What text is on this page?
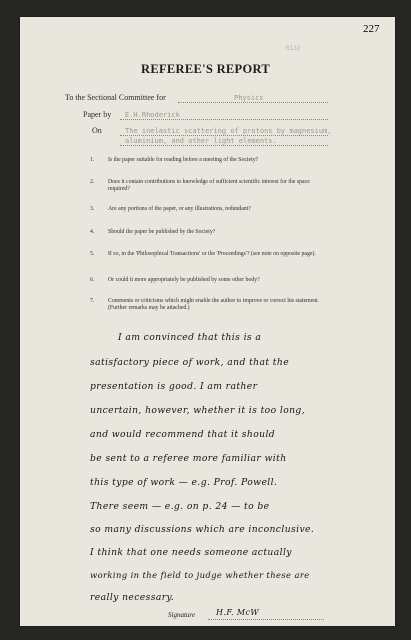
227
R132
REFEREE'S REPORT
To the Sectional Committee for	Physics
Paper by E.H.Rhoderick
On	The inelastic scattering of protons by magnesium,
aluminium, and other light elements.
1. Is the paper suitable for reading before a meeting of the Society?
2. Does it contain contributions to knowledge of sufficient scientific interest for the space required?
3. Are any portions of the paper, or any illustrations, redundant?
4. Should the paper be published by the Society?
5. If so, in the 'Philosophical Transactions' or the 'Proceedings'? (see note on opposite page).
6. Or could it more appropriately be published by some other body?
7. Comments or criticisms which might enable the author to improve or correct his statement. (Further remarks may be attached.)
I am convinced that this is a
satisfactory piece of work, and that the
presentation is good. I am rather
uncertain, however, whether it is too long,
and would recommend that it should
be sent to a referee more familiar with
this type of work — e.g. Prof. Powell.
There seem — e.g. on p. 24 — to be
so many discussions which are inconclusive.
I think that one needs someone actually
working in the field to judge whether these are
really necessary.
Signature	H.F. McW
